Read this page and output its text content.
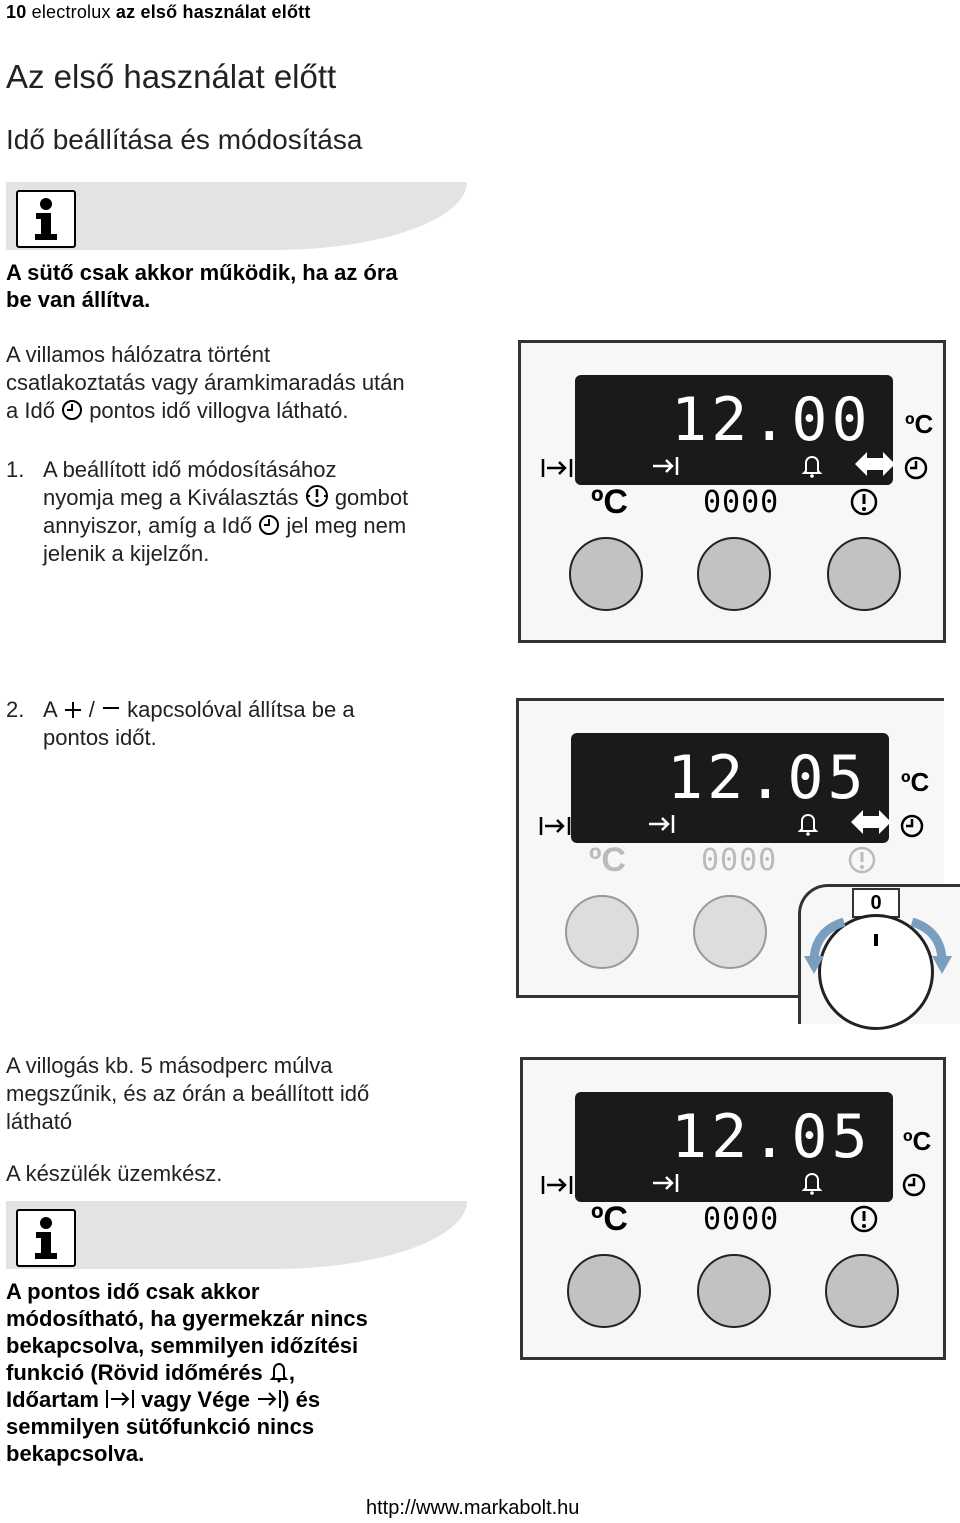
10 electrolux az első használat előtt
Az első használat előtt
Idő beállítása és módosítása
A sütő csak akkor működik, ha az óra
be van állítva.
A villamos hálózatra történt
csatlakoztatás vagy áramkimaradás után
a Idő pontos idő villogva látható.
1. A beállított idő módosításához
nyomja meg a Kiválasztás gombot
annyiszor, amíg a Idő jel meg nem
jelenik a kijelzőn.
2. A / kapcsolóval állítsa be a
pontos időt.
A villogás kb. 5 másodperc múlva
megszűnik, és az órán a beállított idő
látható
A készülék üzemkész.
A pontos idő csak akkor
módosítható, ha gyermekzár nincs
bekapcsolva, semmilyen időzítési
funkció (Rövid időmérés ,
Időartam vagy Vége ) és
semmilyen sütőfunkció nincs
bekapcsolva.
12.00 ºC
ºC	0000
12.05 ºC
ºC	0000
0
12.05 ºC
ºC	0000
http://www.markabolt.hu
